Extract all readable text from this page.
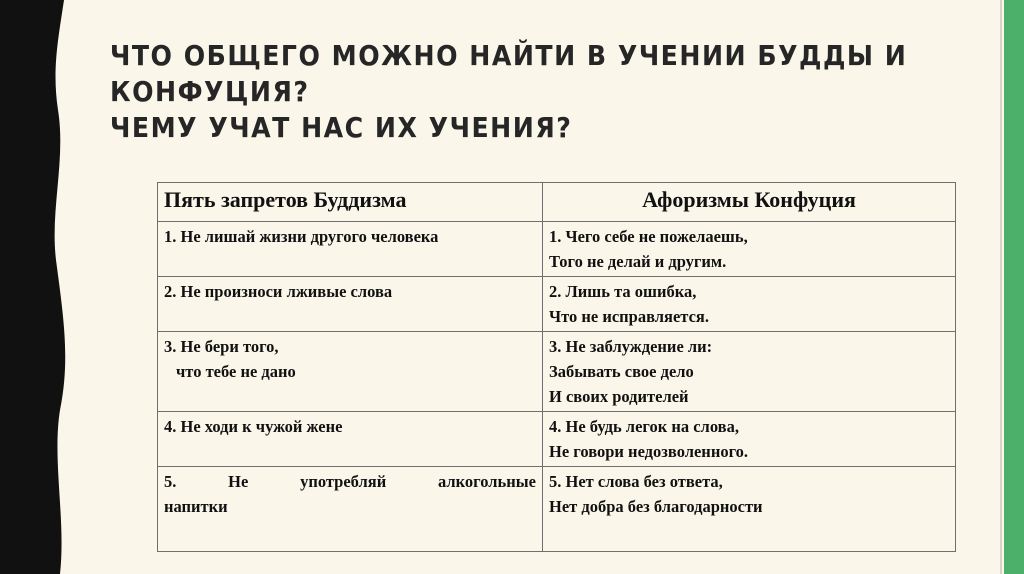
ЧТО ОБЩЕГО МОЖНО НАЙТИ В УЧЕНИИ БУДДЫ И
КОНФУЦИЯ?
ЧЕМУ УЧАТ НАС ИХ УЧЕНИЯ?
Пять запретов Буддизма	Афоризмы Конфуция

1. Не лишай жизни другого человека	1. Чего себе не пожелаешь,
Того не делай и другим.

2. Не произноси лживые слова	2. Лишь та ошибка,
Что не исправляется.

3. Не бери того,
что тебе не дано	3. Не заблуждение ли:
Забывать свое дело
И своих родителей

4. Не ходи к чужой жене	4. Не будь легок на слова,
Не говори недозволенного.

5. Не употребляй алкогольные
напитки	5. Нет слова без ответа,
Нет добра без благодарности
